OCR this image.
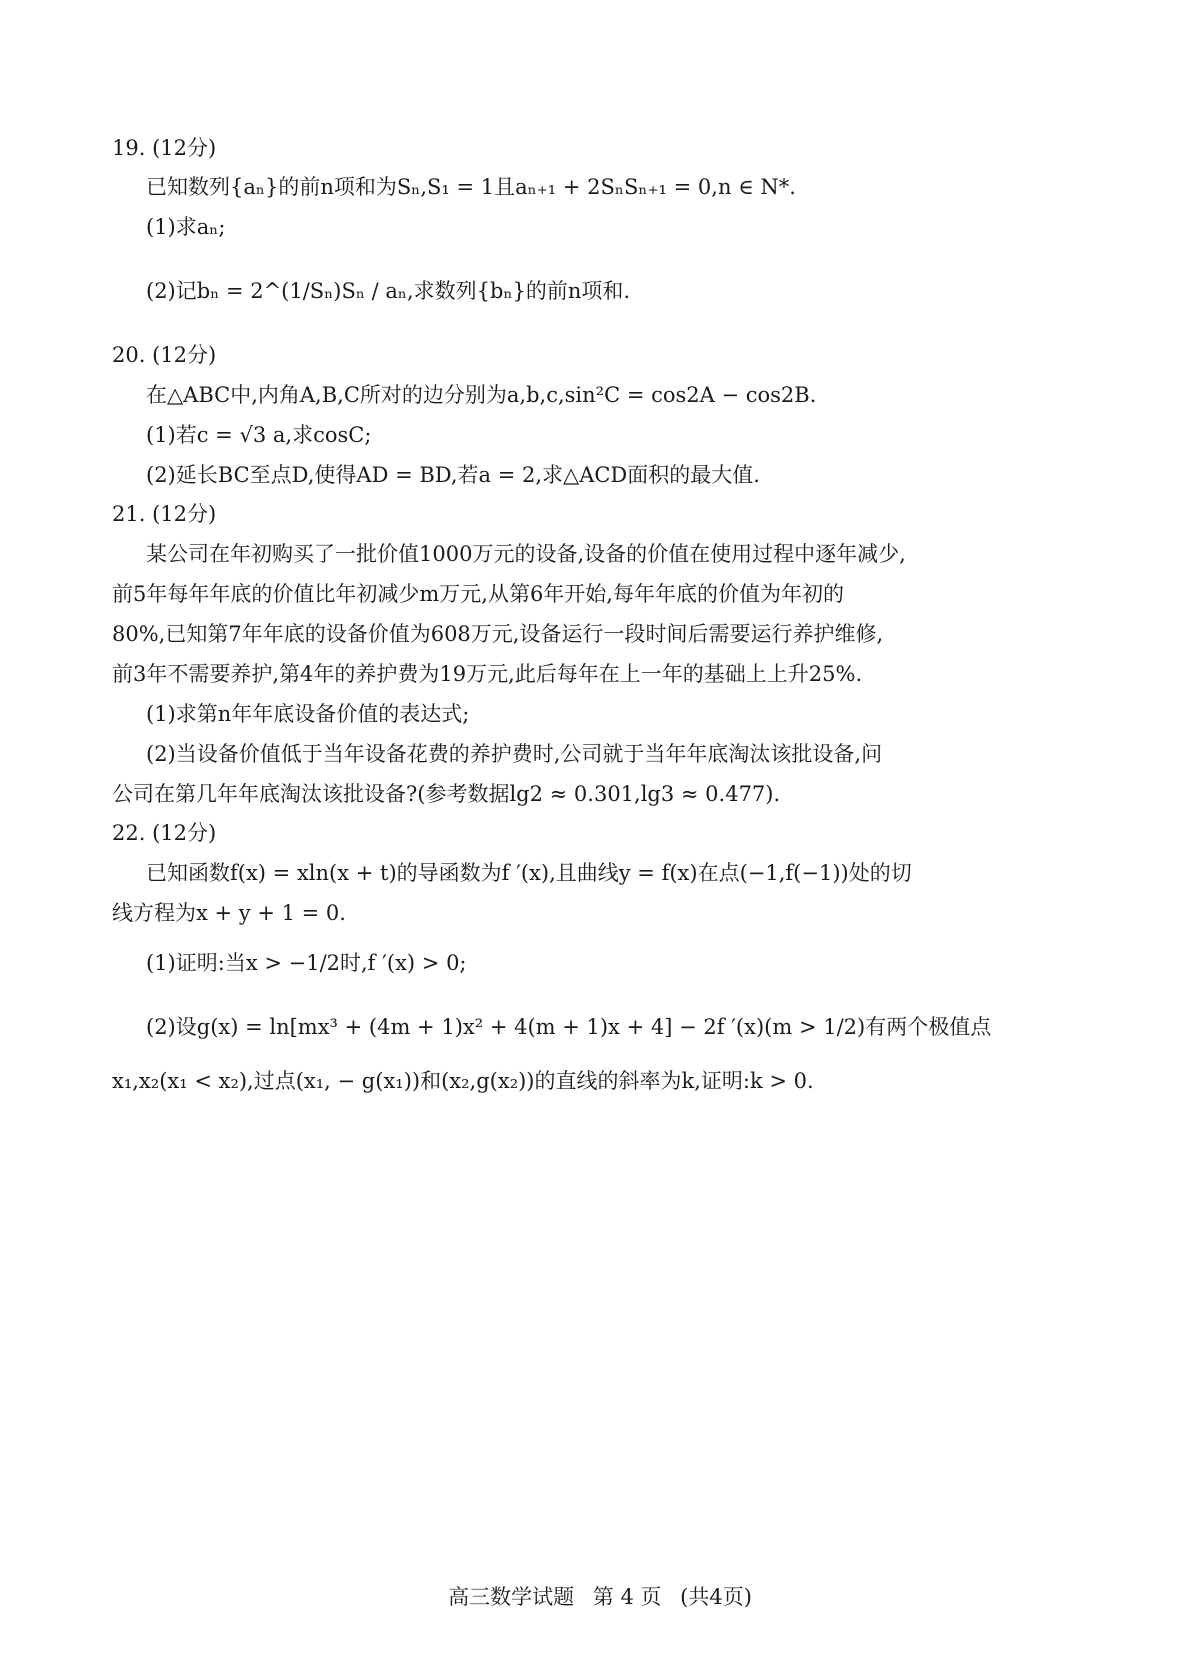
19. (12分)
已知数列{aₙ}的前n项和为Sₙ,S₁ = 1且aₙ₊₁ + 2SₙSₙ₊₁ = 0,n ∈ N*.
(1)求aₙ;
(2)记bₙ = 2^(1/Sₙ)Sₙ / aₙ,求数列{bₙ}的前n项和.
20. (12分)
在△ABC中,内角A,B,C所对的边分别为a,b,c,sin²C = cos2A − cos2B.
(1)若c = √3 a,求cosC;
(2)延长BC至点D,使得AD = BD,若a = 2,求△ACD面积的最大值.
21. (12分)
某公司在年初购买了一批价值1000万元的设备,设备的价值在使用过程中逐年减少,
前5年每年年底的价值比年初减少m万元,从第6年开始,每年年底的价值为年初的
80%,已知第7年年底的设备价值为608万元,设备运行一段时间后需要运行养护维修,
前3年不需要养护,第4年的养护费为19万元,此后每年在上一年的基础上上升25%.
(1)求第n年年底设备价值的表达式;
(2)当设备价值低于当年设备花费的养护费时,公司就于当年年底淘汰该批设备,问
公司在第几年年底淘汰该批设备?(参考数据lg2 ≈ 0.301,lg3 ≈ 0.477).
22. (12分)
已知函数f(x) = xln(x + t)的导函数为f ′(x),且曲线y = f(x)在点(−1,f(−1))处的切
线方程为x + y + 1 = 0.
(1)证明:当x > −1/2时,f ′(x) > 0;
(2)设g(x) = ln[mx³ + (4m + 1)x² + 4(m + 1)x + 4] − 2f ′(x)(m > 1/2)有两个极值点
x₁,x₂(x₁ < x₂),过点(x₁, − g(x₁))和(x₂,g(x₂))的直线的斜率为k,证明:k > 0.
高三数学试题 第 4 页 (共4页)
